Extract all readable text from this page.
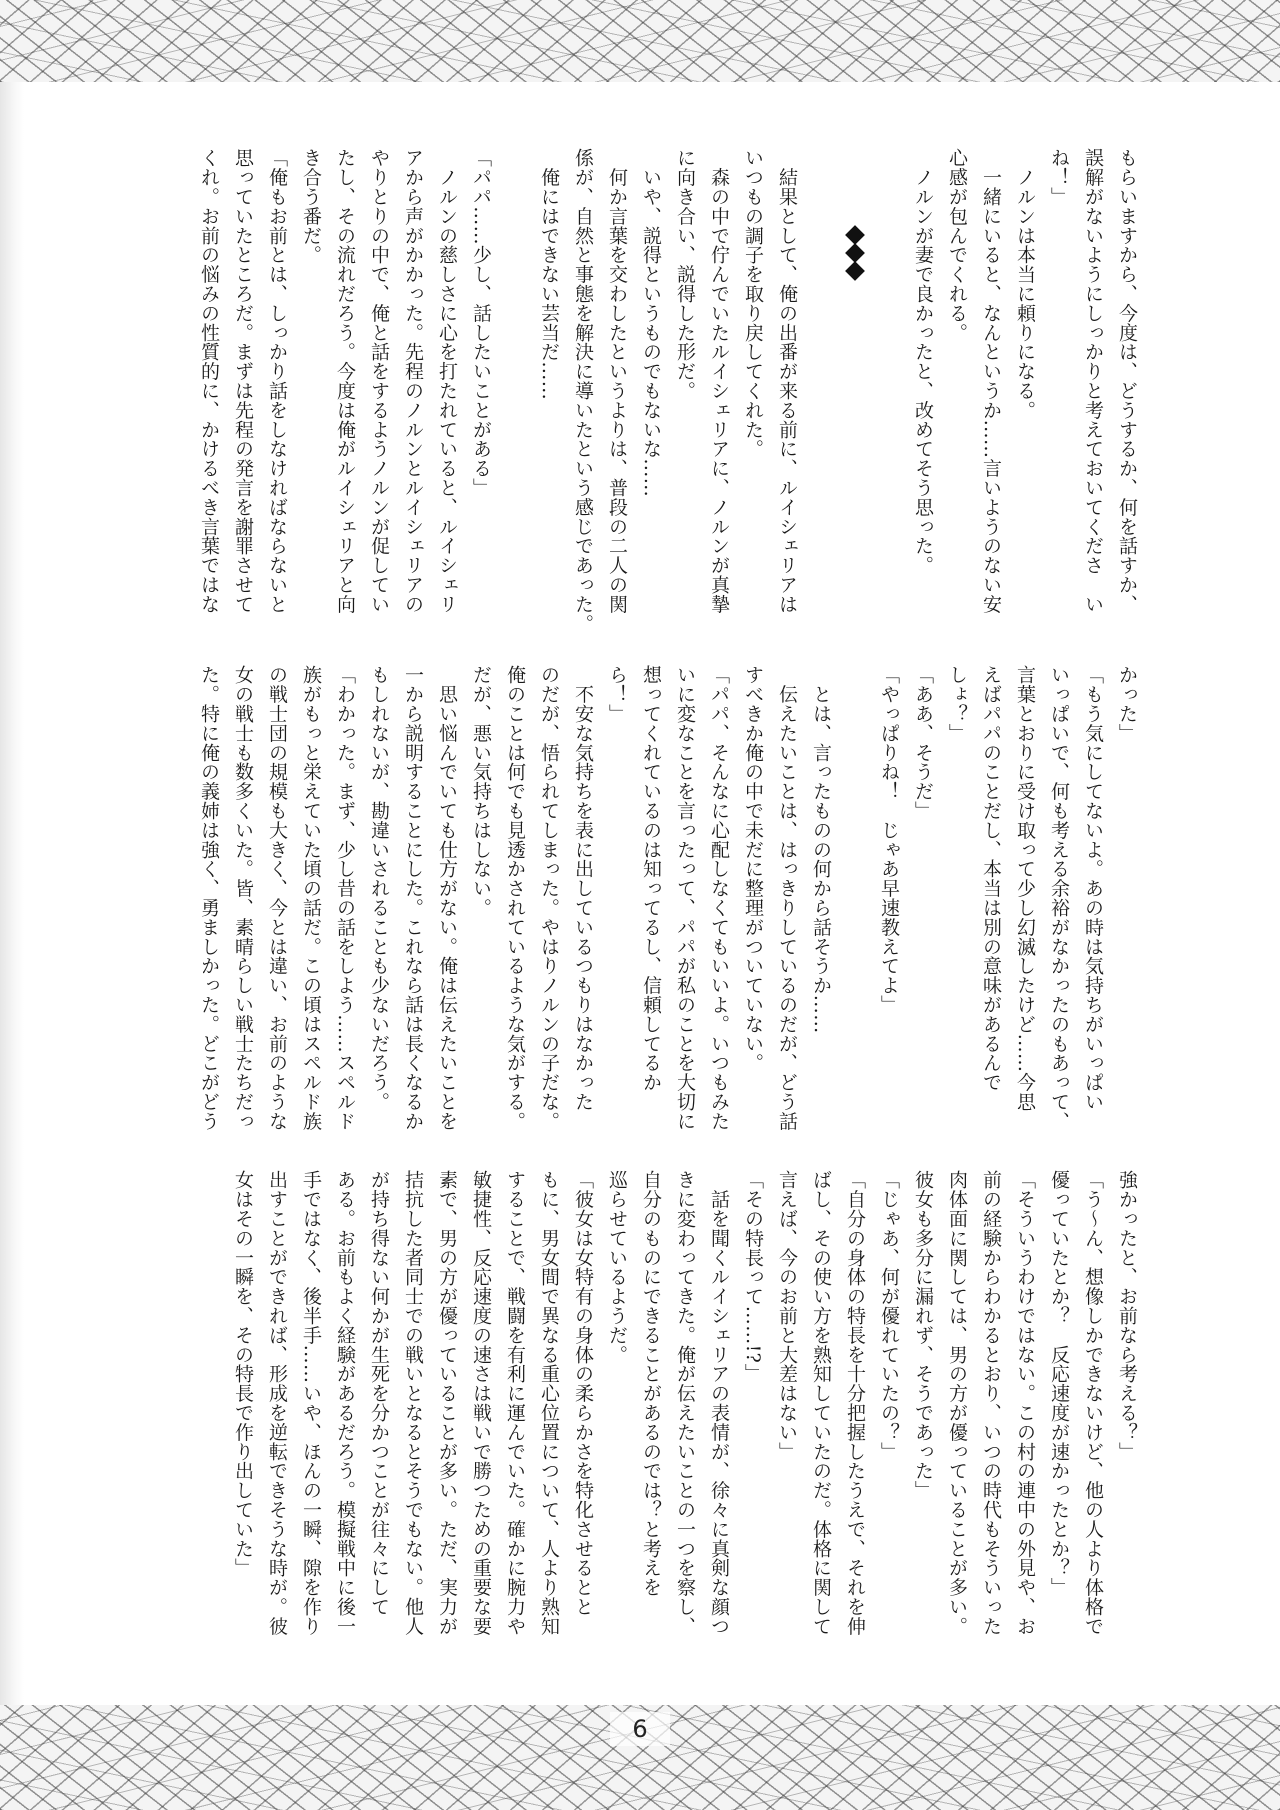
もらいますから、今度は、どうするか、何を話すか、
誤解がないようにしっかりと考えておいてくださ　い
ね！」
　ノルンは本当に頼りになる。
　一緒にいると、なんというか……言いようのない安
心感が包んでくれる。
　ノルンが妻で良かったと、改めてそう思った。
　結果として、俺の出番が来る前に、ルイシェリアは
いつもの調子を取り戻してくれた。
　森の中で佇んでいたルイシェリアに、ノルンが真摯
に向き合い、説得した形だ。
　いや、説得というものでもないな……
　何か言葉を交わしたというよりは、普段の二人の関
係が、自然と事態を解決に導いたという感じであった。
　俺にはできない芸当だ……
「パパ……少し、話したいことがある」
　ノルンの慈しさに心を打たれていると、ルイシェリ
アから声がかかった。先程のノルンとルイシェリアの
やりとりの中で、俺と話をするようノルンが促してい
たし、その流れだろう。今度は俺がルイシェリアと向
き合う番だ。
「俺もお前とは、しっかり話をしなければならないと
思っていたところだ。まずは先程の発言を謝罪させて
くれ。お前の悩みの性質的に、かけるべき言葉ではな
かった」
「もう気にしてないよ。あの時は気持ちがいっぱい
いっぱいで、何も考える余裕がなかったのもあって、
言葉とおりに受け取って少し幻滅したけど……今思
えばパパのことだし、本当は別の意味があるんで
しょ？」
「ああ、そうだ」
「やっぱりね！　じゃあ早速教えてよ」
　とは、言ったものの何から話そうか……
　伝えたいことは、はっきりしているのだが、どう話
すべきか俺の中で未だに整理がついていない。
「パパ、そんなに心配しなくてもいいよ。いつもみた
いに変なことを言ったって、パパが私のことを大切に
想ってくれているのは知ってるし、信頼してるか
ら！」
　不安な気持ちを表に出しているつもりはなかった
のだが、悟られてしまった。やはりノルンの子だな。
俺のことは何でも見透かされているような気がする。
だが、悪い気持ちはしない。
　思い悩んでいても仕方がない。俺は伝えたいことを
一から説明することにした。これなら話は長くなるか
もしれないが、勘違いされることも少ないだろう。
「わかった。まず、少し昔の話をしよう……スペルド
族がもっと栄えていた頃の話だ。この頃はスペルド族
の戦士団の規模も大きく、今とは違い、お前のような
女の戦士も数多くいた。皆、素晴らしい戦士たちだっ
た。特に俺の義姉は強く、勇ましかった。どこがどう
強かったと、お前なら考える？」
「う〜ん、想像しかできないけど、他の人より体格で
優っていたとか？　反応速度が速かったとか？」
「そういうわけではない。この村の連中の外見や、お
前の経験からわかるとおり、いつの時代もそういった
肉体面に関しては、男の方が優っていることが多い。
彼女も多分に漏れず、そうであった」
「じゃあ、何が優れていたの？」
「自分の身体の特長を十分把握したうえで、それを伸
ばし、その使い方を熟知していたのだ。体格に関して
言えば、今のお前と大差はない」
「その特長って……!?」
　話を聞くルイシェリアの表情が、徐々に真剣な顔つ
きに変わってきた。俺が伝えたいことの一つを察し、
自分のものにできることがあるのでは？と考えを
巡らせているようだ。
「彼女は女特有の身体の柔らかさを特化させるとと
もに、男女間で異なる重心位置について、人より熟知
することで、戦闘を有利に運んでいた。確かに腕力や
敏捷性、反応速度の速さは戦いで勝つための重要な要
素で、男の方が優っていることが多い。ただ、実力が
拮抗した者同士での戦いとなるとそうでもない。他人
が持ち得ない何かが生死を分かつことが往々にして
ある。お前もよく経験があるだろう。模擬戦中に後一
手ではなく、後半手……いや、ほんの一瞬、隙を作り
出すことができれば、形成を逆転できそうな時が。彼
女はその一瞬を、その特長で作り出していた」
6
